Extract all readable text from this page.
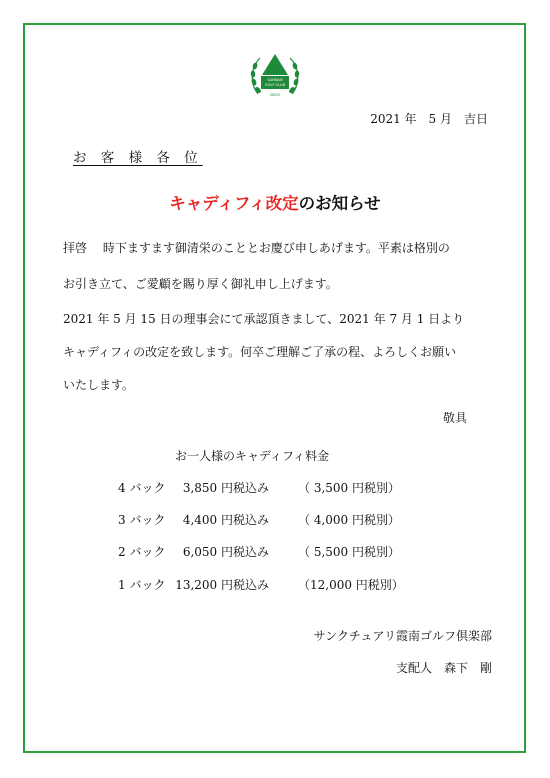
SANNAN
GOLF CLUB
SINCE
2021 年　5 月　吉日
お 客 様 各 位
キャディフィ改定のお知らせ
拝啓　 時下ますます御清栄のこととお慶び申しあげます。平素は格別の
お引き立て、ご愛顧を賜り厚く御礼申し上げます。
2021 年 5 月 15 日の理事会にて承認頂きまして、2021 年 7 月 1 日より
キャディフィの改定を致します。何卒ご理解ご了承の程、よろしくお願い
いたします。
敬具
お一人様のキャディフィ料金
4 バック 3,850 円税込み （ 3,500 円税別）
3 バック 4,400 円税込み （ 4,000 円税別）
2 バック 6,050 円税込み （ 5,500 円税別）
1 バック 13,200 円税込み （12,000 円税別）
サンクチュアリ霞南ゴルフ倶楽部
支配人　森下　剛
